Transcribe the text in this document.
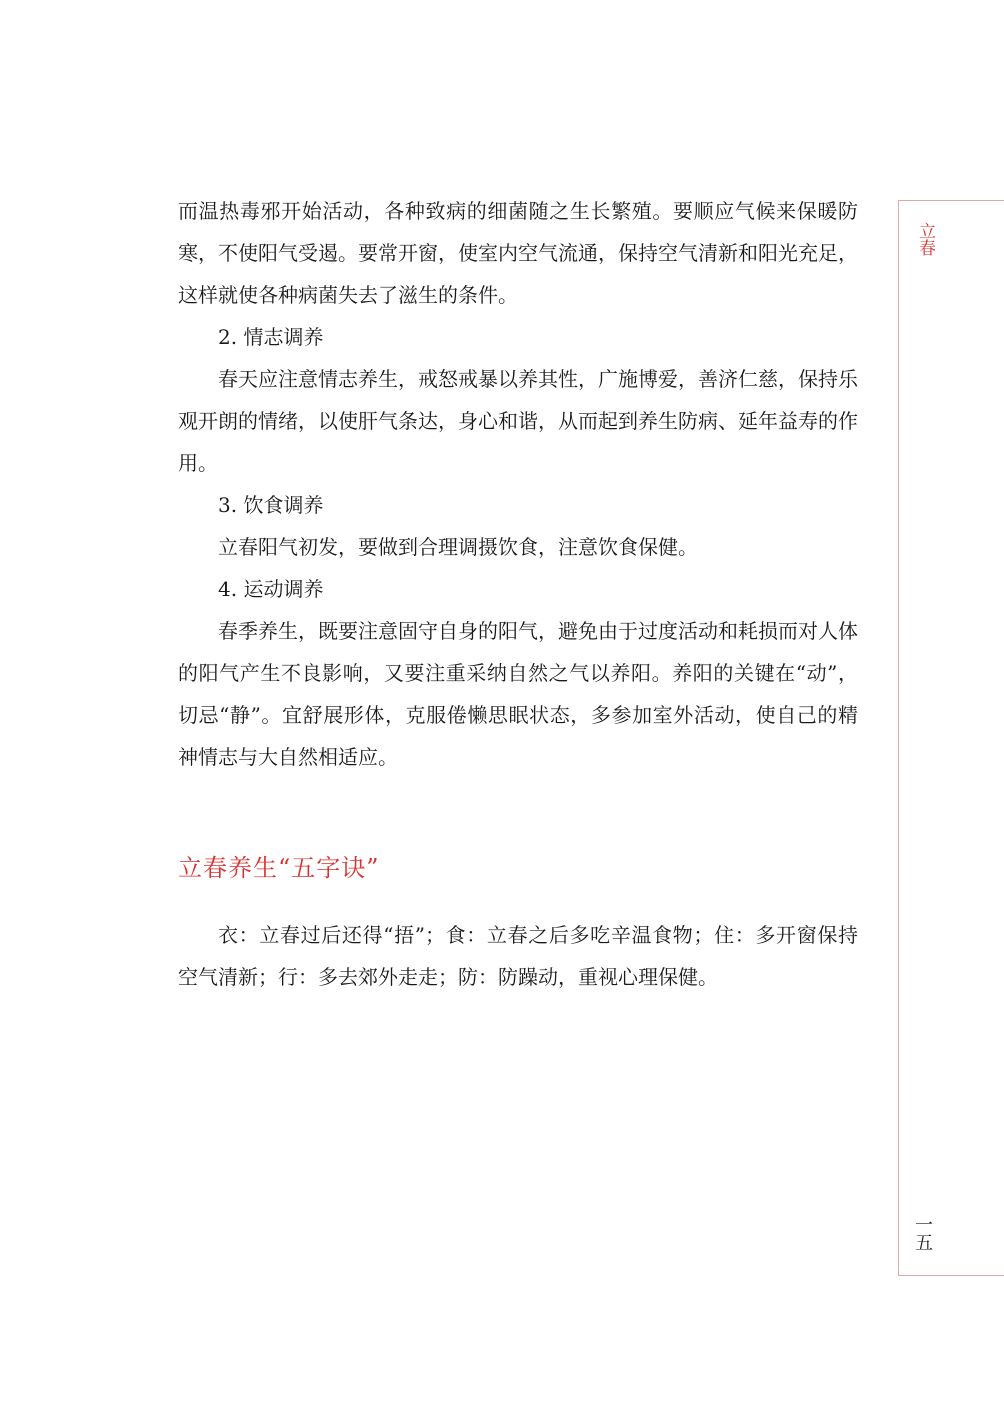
而温热毒邪开始活动，各种致病的细菌随之生长繁殖。要顺应气候来保暖防寒，不使阳气受遏。要常开窗，使室内空气流通，保持空气清新和阳光充足，这样就使各种病菌失去了滋生的条件。

2. 情志调养

春天应注意情志养生，戒怒戒暴以养其性，广施博爱，善济仁慈，保持乐观开朗的情绪，以使肝气条达，身心和谐，从而起到养生防病、延年益寿的作用。

3. 饮食调养

立春阳气初发，要做到合理调摄饮食，注意饮食保健。

4. 运动调养

春季养生，既要注意固守自身的阳气，避免由于过度活动和耗损而对人体的阳气产生不良影响，又要注重采纳自然之气以养阳。养阳的关键在“动”，切忌“静”。宜舒展形体，克服倦懒思眠状态，多参加室外活动，使自己的精神情志与大自然相适应。

立春养生“五字诀”

衣：立春过后还得“捂”；食：立春之后多吃辛温食物；住：多开窗保持空气清新；行：多去郊外走走；防：防躁动，重视心理保健。

立春
一五
